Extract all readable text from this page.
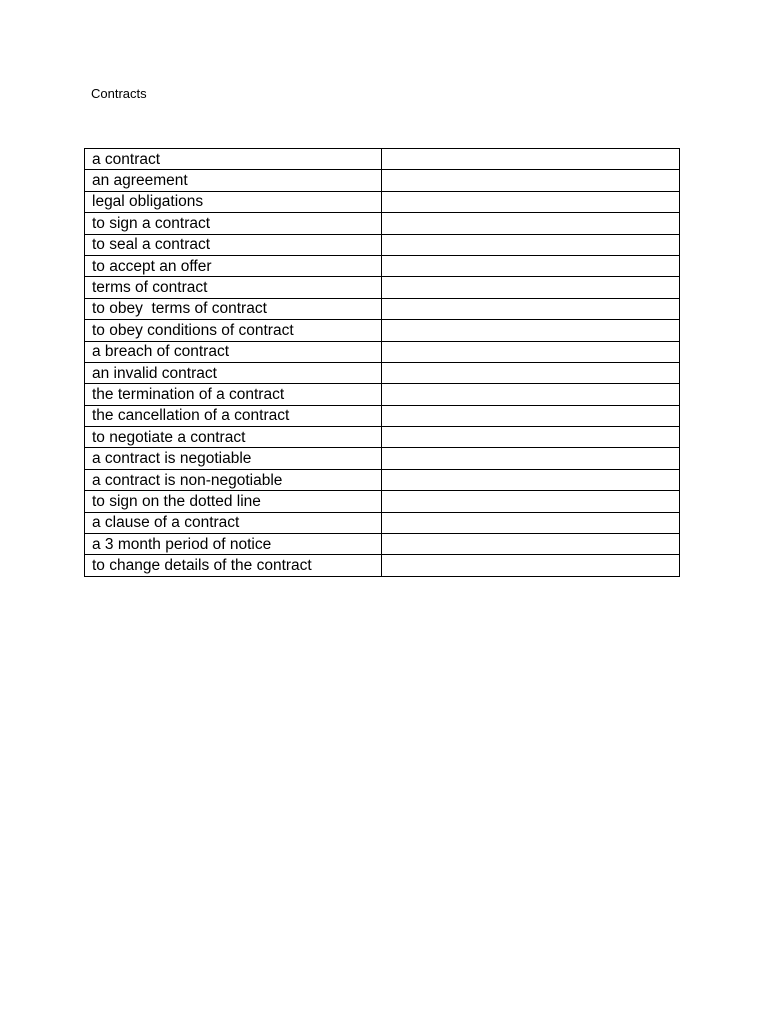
Contracts
a contract	
an agreement	
legal obligations	
to sign a contract	
to seal a contract	
to accept an offer	
terms of contract	
to obey  terms of contract	
to obey conditions of contract	
a breach of contract	
an invalid contract	
the termination of a contract	
the cancellation of a contract	
to negotiate a contract	
a contract is negotiable	
a contract is non-negotiable	
to sign on the dotted line	
a clause of a contract	
a 3 month period of notice	
to change details of the contract	
